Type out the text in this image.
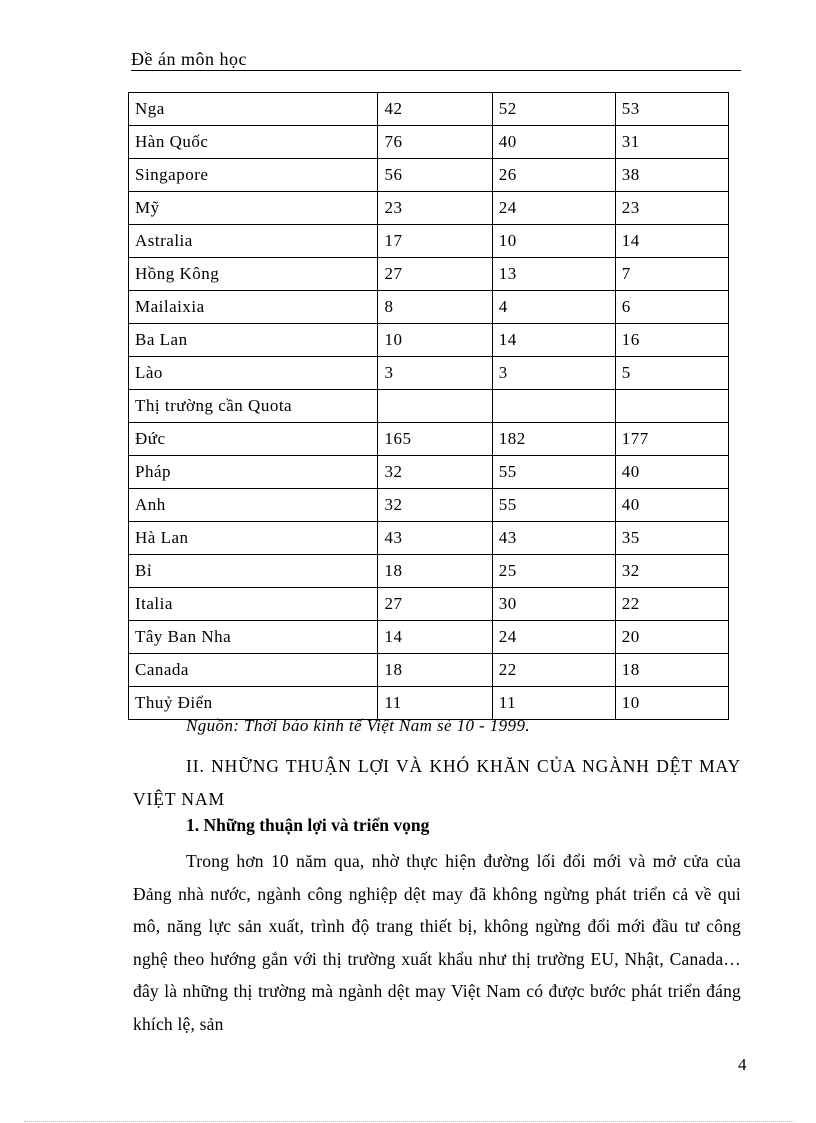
Đề án môn học
Nga	42	52	53
Hàn Quốc	76	40	31
Singapore	56	26	38
Mỹ	23	24	23
Astralia	17	10	14
Hồng Kông	27	13	7
Mailaixia	8	4	6
Ba Lan	10	14	16
Lào	3	3	5
Thị trường cần Quota			
Đức	165	182	177
Pháp	32	55	40
Anh	32	55	40
Hà Lan	43	43	35
Bỉ	18	25	32
Italia	27	30	22
Tây Ban Nha	14	24	20
Canada	18	22	18
Thuỷ Điển	11	11	10
Nguồn: Thời báo kinh tế Việt Nam sè 10 - 1999.
II. NHỮNG THUẬN LỢI VÀ KHÓ KHĂN CỦA NGÀNH DỆT MAY VIỆT NAM
1. Những thuận lợi và triển vọng
Trong hơn 10 năm qua, nhờ thực hiện đường lối đổi mới và mở cửa của Đảng nhà nước, ngành công nghiệp dệt may đã không ngừng phát triển cả về qui mô, năng lực sản xuất, trình độ trang thiết bị, không ngừng đổi mới đầu tư công nghệ theo hướng gắn với thị trường xuất khẩu như thị trường EU, Nhật, Canada… đây là những thị trường mà ngành dệt may Việt Nam có được bước phát triển đáng khích lệ, sản
4
